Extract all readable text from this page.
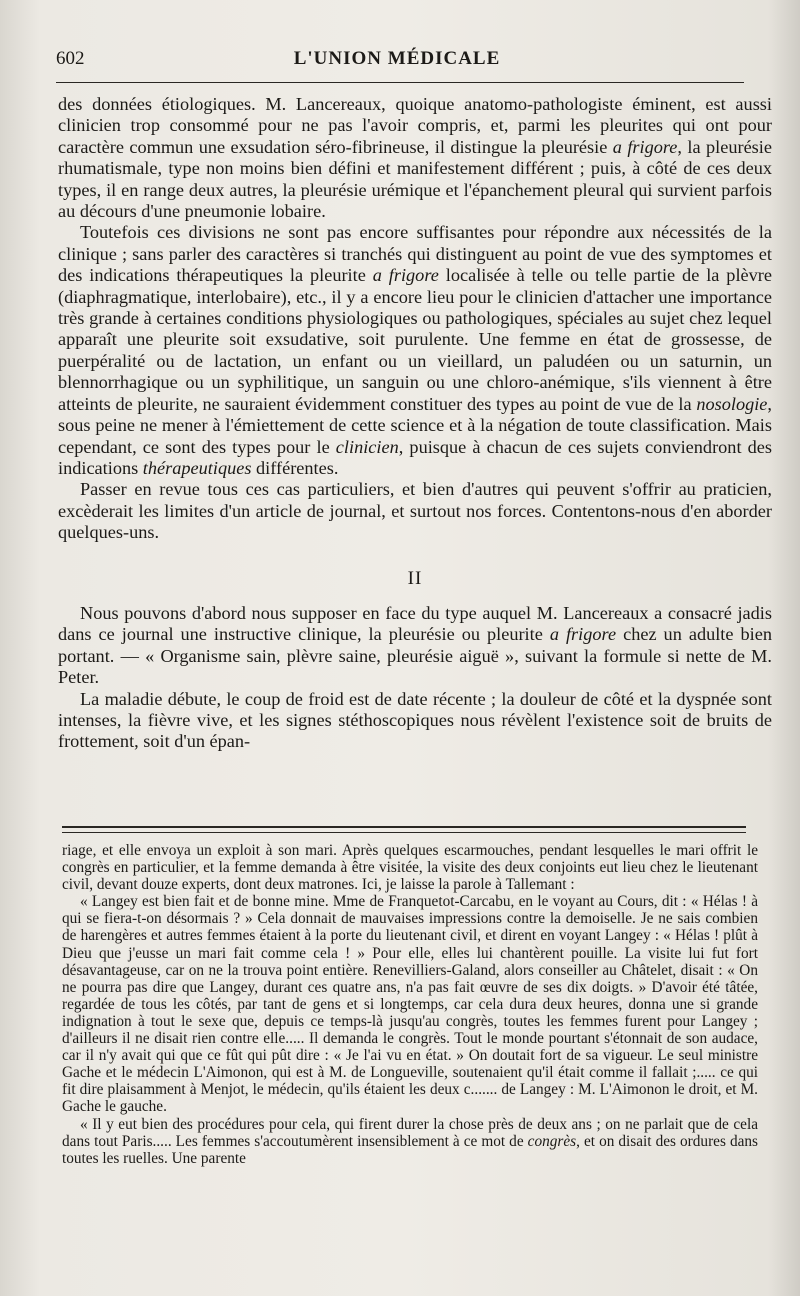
602	L'UNION MÉDICALE

des données étiologiques. M. Lancereaux, quoique anatomo-pathologiste éminent, est aussi clinicien trop consommé pour ne pas l'avoir compris, et, parmi les pleurites qui ont pour caractère commun une exsudation séro-fibrineuse, il distingue la pleurésie a frigore, la pleurésie rhumatismale, type non moins bien défini et manifestement différent ; puis, à côté de ces deux types, il en range deux autres, la pleurésie urémique et l'épanchement pleural qui survient parfois au décours d'une pneumonie lobaire.

Toutefois ces divisions ne sont pas encore suffisantes pour répondre aux nécessités de la clinique ; sans parler des caractères si tranchés qui distinguent au point de vue des symptomes et des indications thérapeutiques la pleurite a frigore localisée à telle ou telle partie de la plèvre (diaphragmatique, interlobaire), etc., il y a encore lieu pour le clinicien d'attacher une importance très grande à certaines conditions physiologiques ou pathologiques, spéciales au sujet chez lequel apparaît une pleurite soit exsudative, soit purulente. Une femme en état de grossesse, de puerpéralité ou de lactation, un enfant ou un vieillard, un paludéen ou un saturnin, un blennorrhagique ou un syphilitique, un sanguin ou une chloro-anémique, s'ils viennent à être atteints de pleurite, ne sauraient évidemment constituer des types au point de vue de la nosologie, sous peine ne mener à l'émiettement de cette science et à la négation de toute classification. Mais cependant, ce sont des types pour le clinicien, puisque à chacun de ces sujets conviendront des indications thérapeutiques différentes.

Passer en revue tous ces cas particuliers, et bien d'autres qui peuvent s'offrir au praticien, excèderait les limites d'un article de journal, et surtout nos forces. Contentons-nous d'en aborder quelques-uns.

II

Nous pouvons d'abord nous supposer en face du type auquel M. Lancereaux a consacré jadis dans ce journal une instructive clinique, la pleurésie ou pleurite a frigore chez un adulte bien portant. — « Organisme sain, plèvre saine, pleurésie aiguë », suivant la formule si nette de M. Peter.

La maladie débute, le coup de froid est de date récente ; la douleur de côté et la dyspnée sont intenses, la fièvre vive, et les signes stéthoscopiques nous révèlent l'existence soit de bruits de frottement, soit d'un épan-

riage, et elle envoya un exploit à son mari. Après quelques escarmouches, pendant lesquelles le mari offrit le congrès en particulier, et la femme demanda à être visitée, la visite des deux conjoints eut lieu chez le lieutenant civil, devant douze experts, dont deux matrones. Ici, je laisse la parole à Tallemant :

« Langey est bien fait et de bonne mine. Mme de Franquetot-Carcabu, en le voyant au Cours, dit : « Hélas ! à qui se fiera-t-on désormais ? » Cela donnait de mauvaises impressions contre la demoiselle. Je ne sais combien de harengères et autres femmes étaient à la porte du lieutenant civil, et dirent en voyant Langey : « Hélas ! plût à Dieu que j'eusse un mari fait comme cela ! » Pour elle, elles lui chantèrent pouille. La visite lui fut fort désavantageuse, car on ne la trouva point entière. Renevilliers-Galand, alors conseiller au Châtelet, disait : « On ne pourra pas dire que Langey, durant ces quatre ans, n'a pas fait œuvre de ses dix doigts. » D'avoir été tâtée, regardée de tous les côtés, par tant de gens et si longtemps, car cela dura deux heures, donna une si grande indignation à tout le sexe que, depuis ce temps-là jusqu'au congrès, toutes les femmes furent pour Langey ; d'ailleurs il ne disait rien contre elle..... Il demanda le congrès. Tout le monde pourtant s'étonnait de son audace, car il n'y avait qui que ce fût qui pût dire : « Je l'ai vu en état. » On doutait fort de sa vigueur. Le seul ministre Gache et le médecin L'Aimonon, qui est à M. de Longueville, soutenaient qu'il était comme il fallait ;..... ce qui fit dire plaisamment à Menjot, le médecin, qu'ils étaient les deux c....... de Langey : M. L'Aimonon le droit, et M. Gache le gauche.

« Il y eut bien des procédures pour cela, qui firent durer la chose près de deux ans ; on ne parlait que de cela dans tout Paris..... Les femmes s'accoutumèrent insensiblement à ce mot de congrès, et on disait des ordures dans toutes les ruelles. Une parente
